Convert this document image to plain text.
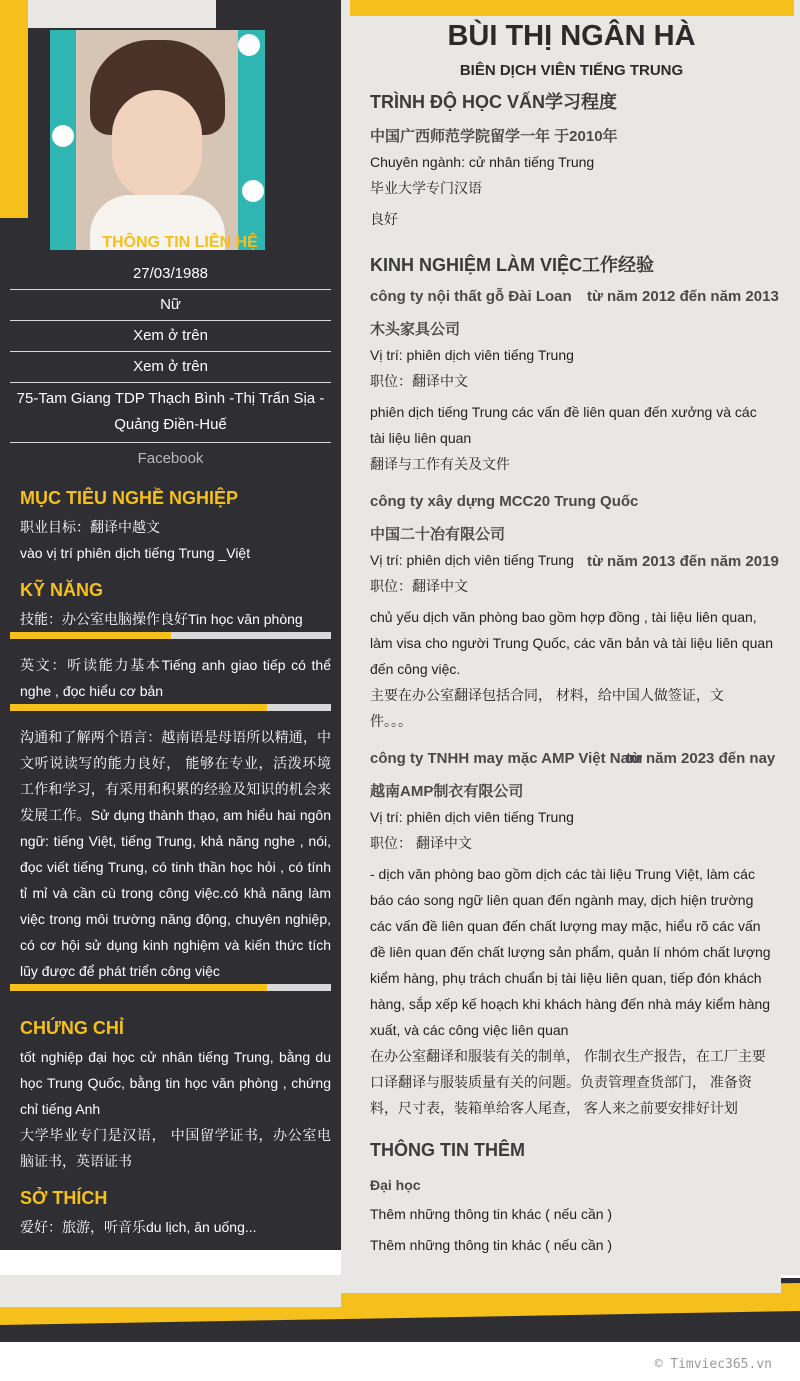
THÔNG TIN LIÊN HỆ
27/03/1988
Nữ
Xem ở trên
Xem ở trên
75-Tam Giang TDP Thạch Bình -Thị Trấn Sịa - Quảng Điền-Huế
Facebook
MỤC TIÊU NGHỀ NGHIỆP
职业目标：翻译中越文
vào vị trí phiên dịch tiếng Trung _Việt
KỸ NĂNG
技能：办公室电脑操作良好Tin học văn phòng
英文：听读能力基本Tiếng anh giao tiếp có thể nghe , đọc hiểu cơ bản
沟通和了解两个语言：越南语是母语所以精通，中文听说读写的能力良好， 能够在专业，活泼环境工作和学习，有采用和积累的经验及知识的机会来发展工作。Sử dụng thành thạo, am hiểu hai ngôn ngữ: tiếng Việt, tiếng Trung, khả năng nghe , nói, đọc viết tiếng Trung, có tinh thần học hỏi , có tính tỉ mỉ và cần cù trong công việc.có khả năng làm việc trong môi trường năng động, chuyên nghiệp, có cơ hội sử dụng kinh nghiệm và kiến thức tích lũy được để phát triển công việc
CHỨNG CHỈ
tốt nghiệp đại học cử nhân tiếng Trung, bằng du học Trung Quốc, bằng tin học văn phòng , chứng chỉ tiếng Anh
大学毕业专门是汉语， 中国留学证书，办公室电脑证书，英语证书
SỞ THÍCH
爱好：旅游，听音乐du lịch, ăn uống...
BÙI THỊ NGÂN HÀ
BIÊN DỊCH VIÊN TIẾNG TRUNG
TRÌNH ĐỘ HỌC VẤN学习程度
中国广西师范学院留学一年 于2010年
Chuyên ngành: cử nhân tiếng Trung
毕业大学专门汉语
良好
KINH NGHIỆM LÀM VIỆC工作经验
công ty nội thất gỗ Đài Loan từ năm 2012 đến năm 2013
木头家具公司
Vị trí: phiên dịch viên tiếng Trung
职位：翻译中文
phiên dịch tiếng Trung các vấn đề liên quan đến xưởng và các tài liệu liên quan
翻译与工作有关及文件
công ty xây dựng MCC20 Trung Quốc
中国二十冶有限公司
Vị trí: phiên dịch viên tiếng Trung từ năm 2013 đến năm 2019
职位：翻译中文
chủ yếu dịch văn phòng bao gồm hợp đồng , tài liệu liên quan, làm visa cho người Trung Quốc, các văn bản và tài liệu liên quan đến công việc.
主要在办公室翻译包括合同， 材料，给中国人做签证，文件。。。
công ty TNHH may mặc AMP Việt Nam
từ năm 2023 đến nay
越南AMP制衣有限公司
Vị trí: phiên dịch viên tiếng Trung
职位： 翻译中文
- dịch văn phòng bao gồm dịch các tài liệu Trung Việt, làm các báo cáo song ngữ liên quan đến ngành may, dịch hiện trường các vấn đề liên quan đến chất lượng may mặc, hiểu rõ các vấn đề liên quan đến chất lượng sản phẩm, quản lí nhóm chất lượng kiểm hàng, phụ trách chuẩn bị tài liệu liên quan, tiếp đón khách hàng, sắp xếp kế hoạch khi khách hàng đến nhà máy kiểm hàng xuất, và các công việc liên quan
在办公室翻译和服装有关的制单， 作制衣生产报告，在工厂主要口译翻译与服装质量有关的问题。负责管理查货部门， 准备资料，尺寸表，装箱单给客人尾查， 客人来之前要安排好计划
THÔNG TIN THÊM
Đại học
Thêm những thông tin khác ( nếu cần )
Thêm những thông tin khác ( nếu cần )
© Timviec365.vn
